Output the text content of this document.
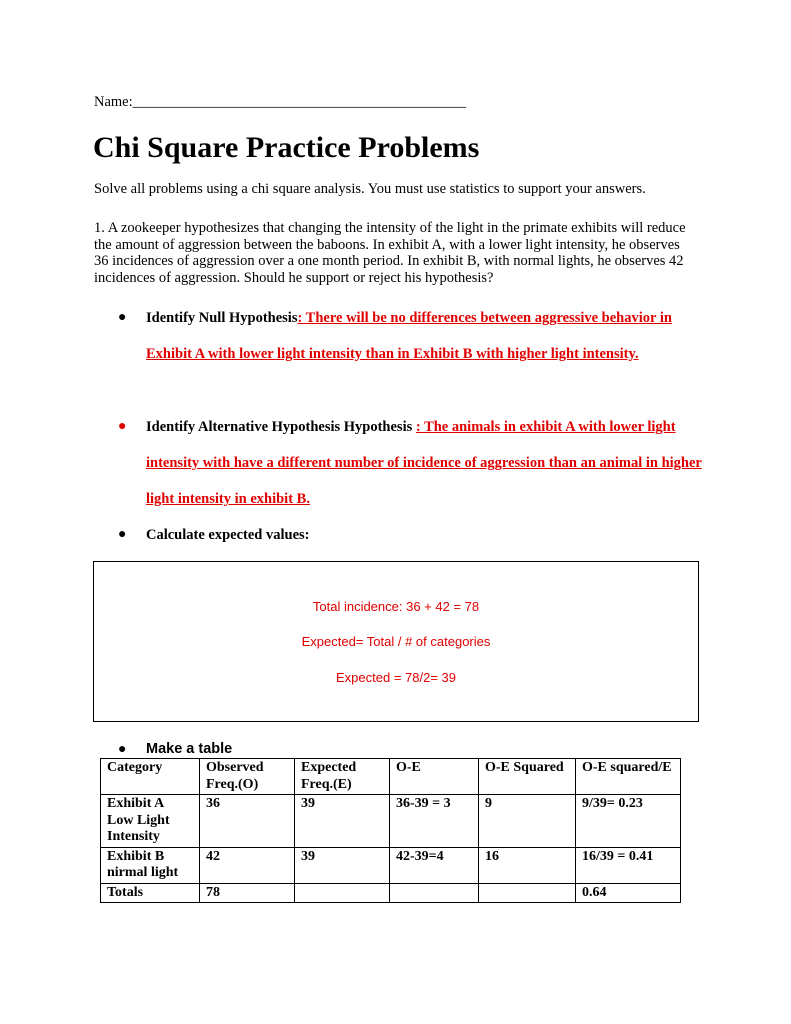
Name:______________________________________________
Chi Square Practice Problems
Solve all problems using a chi square analysis. You must use statistics to support your answers.
1. A zookeeper hypothesizes that changing the intensity of the light in the primate exhibits will reduce the amount of aggression between the baboons. In exhibit A, with a lower light intensity, he observes 36 incidences of aggression over a one month period. In exhibit B, with normal lights, he observes 42 incidences of aggression. Should he support or reject his hypothesis?
● Identify Null Hypothesis: There will be no differences between aggressive behavior in Exhibit A with lower light intensity than in Exhibit B with higher light intensity.
● Identify Alternative Hypothesis Hypothesis : The animals in exhibit A with lower light intensity with have a different number of incidence of aggression than an animal in higher light intensity in exhibit B.
● Calculate expected values:
Total incidence: 36 + 42 = 78
Expected= Total / # of categories
Expected = 78/2= 39
● Make a table
Category	Observed Freq.(O)	Expected Freq.(E)	O-E	O-E Squared	O-E squared/E
Exhibit A Low Light Intensity	36	39	36-39 = 3	9	9/39= 0.23
Exhibit B nirmal light	42	39	42-39=4	16	16/39 = 0.41
Totals	78				0.64
